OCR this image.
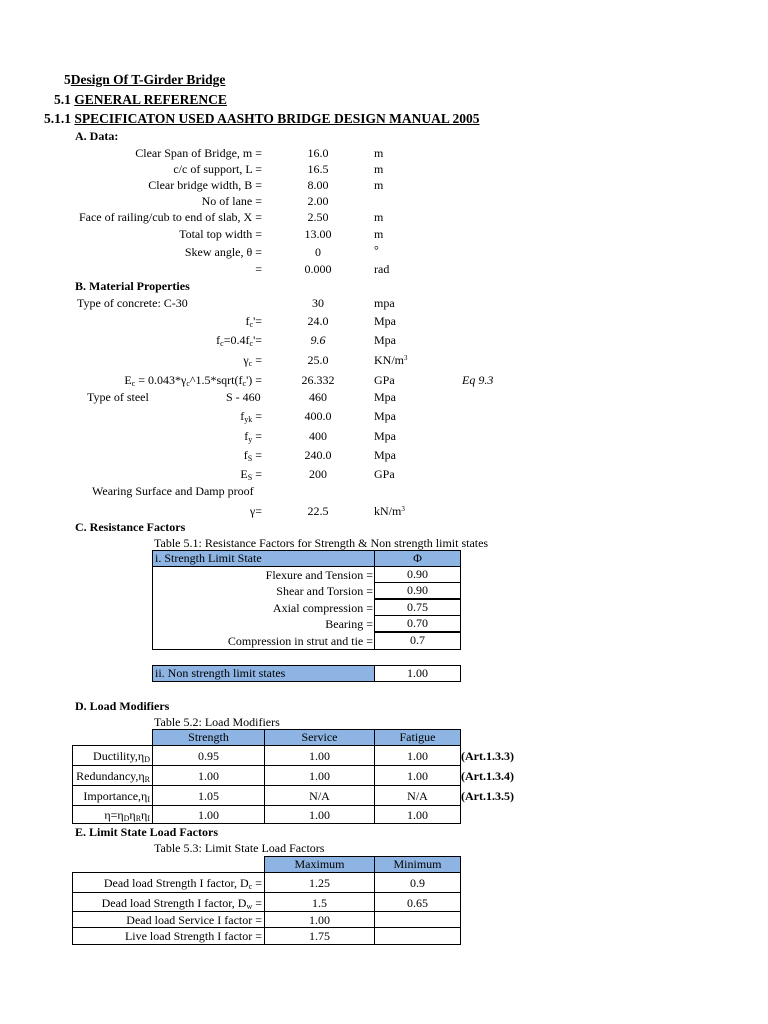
5Design Of T-Girder Bridge
5.1 GENERAL REFERENCE
5.1.1 SPECIFICATON USED AASHTO BRIDGE DESIGN MANUAL 2005
A. Data:
Clear Span of Bridge, m =	16.0	m
c/c of support, L =	16.5	m
Clear bridge width, B =	8.00	m
No of lane =	2.00
Face of railing/cub to end of slab, X =	2.50	m
Total top width =	13.00	m
Skew angle, θ =	0	°
=	0.000	rad
B. Material Properties
Type of concrete: C-30	30	mpa
$f_c'=$	24.0	Mpa
$f_c=0.4f_c'=$	9.6	Mpa
$\gamma_c$ =	25.0	$KN/m^3$
$E_c$ = $0.043*\gamma_c\^{}1.5*sqrt(f_c')$ =	26.332	GPa	Eq 9.3
Type of steel	S - 460	460	Mpa
$f_{yk}$ =	400.0	Mpa
$f_y$ =	400	Mpa
$f_S$ =	240.0	Mpa
$E_S$ =	200	GPa
Wearing Surface and Damp proof
γ=	22.5	$kN/m^3$
C. Resistance Factors
Table 5.1: Resistance Factors for Strength & Non strength limit states
i. Strength Limit State	Φ
Flexure and Tension =	0.90
Shear and Torsion =	0.90
Axial compression =	0.75
Bearing =	0.70
Compression in strut and tie =	0.7
ii. Non strength limit states	1.00
D. Load Modifiers
Table 5.2: Load Modifiers
Strength	Service	Fatigue
$Ductility,\eta_D$	0.95	1.00	1.00	(Art.1.3.3)
$Redundancy,\eta_R$	1.00	1.00	1.00	(Art.1.3.4)
$Importance,\eta_I$	1.05	N/A	N/A	(Art.1.3.5)
$\eta=\eta_D\eta_R\eta_I$	1.00	1.00	1.00
E. Limit State Load Factors
Table 5.3: Limit State Load Factors
Maximum	Minimum
Dead load Strength I factor, $D_c$ =	1.25	0.9
Dead load Strength I factor, $D_w$ =	1.5	0.65
Dead load Service I factor =	1.00
Live load Strength I factor =	1.75
